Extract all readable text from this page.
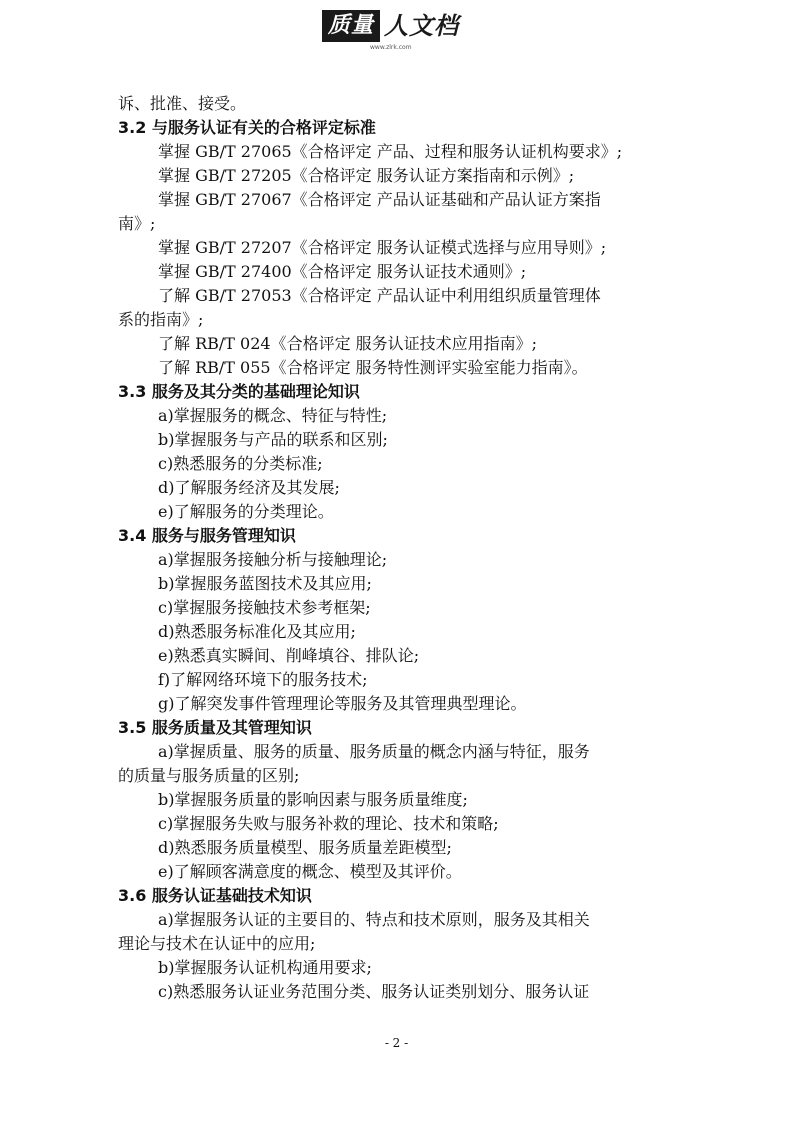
质量 人文档
www.zlrk.com
诉、批准、接受。
3.2 与服务认证有关的合格评定标准
掌握 GB/T 27065《合格评定 产品、过程和服务认证机构要求》;
掌握 GB/T 27205《合格评定 服务认证方案指南和示例》;
掌握 GB/T 27067《合格评定 产品认证基础和产品认证方案指
南》;
掌握 GB/T 27207《合格评定 服务认证模式选择与应用导则》;
掌握 GB/T 27400《合格评定 服务认证技术通则》;
了解 GB/T 27053《合格评定 产品认证中利用组织质量管理体
系的指南》;
了解 RB/T 024《合格评定 服务认证技术应用指南》;
了解 RB/T 055《合格评定 服务特性测评实验室能力指南》。
3.3 服务及其分类的基础理论知识
a)掌握服务的概念、特征与特性;
b)掌握服务与产品的联系和区别;
c)熟悉服务的分类标准;
d)了解服务经济及其发展;
e)了解服务的分类理论。
3.4 服务与服务管理知识
a)掌握服务接触分析与接触理论;
b)掌握服务蓝图技术及其应用;
c)掌握服务接触技术参考框架;
d)熟悉服务标准化及其应用;
e)熟悉真实瞬间、削峰填谷、排队论;
f)了解网络环境下的服务技术;
g)了解突发事件管理理论等服务及其管理典型理论。
3.5 服务质量及其管理知识
a)掌握质量、服务的质量、服务质量的概念内涵与特征，服务
的质量与服务质量的区别;
b)掌握服务质量的影响因素与服务质量维度;
c)掌握服务失败与服务补救的理论、技术和策略;
d)熟悉服务质量模型、服务质量差距模型;
e)了解顾客满意度的概念、模型及其评价。
3.6 服务认证基础技术知识
a)掌握服务认证的主要目的、特点和技术原则，服务及其相关
理论与技术在认证中的应用;
b)掌握服务认证机构通用要求;
c)熟悉服务认证业务范围分类、服务认证类别划分、服务认证
- 2 -
